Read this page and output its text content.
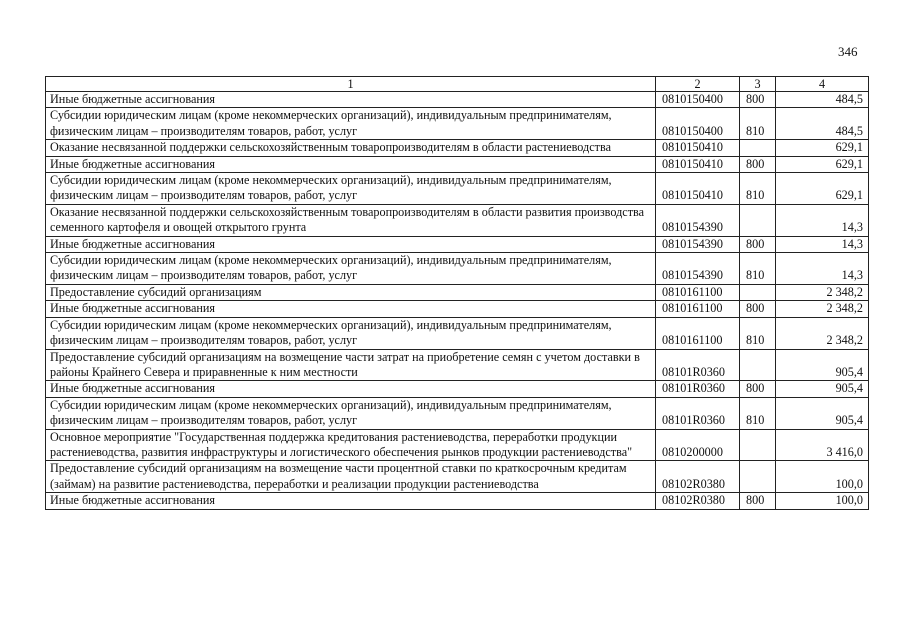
346
1	2	3	4
Иные бюджетные ассигнования	0810150400	800	484,5
Субсидии юридическим лицам (кроме некоммерческих организаций), индивидуальным предпринимателям, физическим лицам – производителям товаров, работ, услуг	0810150400	810	484,5
Оказание несвязанной поддержки сельскохозяйственным товаропроизводителям в области растениеводства	0810150410		629,1
Иные бюджетные ассигнования	0810150410	800	629,1
Субсидии юридическим лицам (кроме некоммерческих организаций), индивидуальным предпринимателям, физическим лицам – производителям товаров, работ, услуг	0810150410	810	629,1
Оказание несвязанной поддержки сельскохозяйственным товаропроизводителям в области развития производства семенного картофеля и овощей открытого грунта	0810154390		14,3
Иные бюджетные ассигнования	0810154390	800	14,3
Субсидии юридическим лицам (кроме некоммерческих организаций), индивидуальным предпринимателям, физическим лицам – производителям товаров, работ, услуг	0810154390	810	14,3
Предоставление субсидий организациям	0810161100		2 348,2
Иные бюджетные ассигнования	0810161100	800	2 348,2
Субсидии юридическим лицам (кроме некоммерческих организаций), индивидуальным предпринимателям, физическим лицам – производителям товаров, работ, услуг	0810161100	810	2 348,2
Предоставление субсидий организациям на возмещение части затрат на приобретение семян с учетом доставки в районы Крайнего Севера и приравненные к ним местности	08101R0360		905,4
Иные бюджетные ассигнования	08101R0360	800	905,4
Субсидии юридическим лицам (кроме некоммерческих организаций), индивидуальным предпринимателям, физическим лицам – производителям товаров, работ, услуг	08101R0360	810	905,4
Основное мероприятие "Государственная поддержка кредитования растениеводства, переработки продукции растениеводства, развития инфраструктуры и логистического обеспечения рынков продукции растениеводства"	0810200000		3 416,0
Предоставление субсидий организациям на возмещение части процентной ставки по краткосрочным кредитам (займам) на развитие растениеводства, переработки и реализации продукции растениеводства	08102R0380		100,0
Иные бюджетные ассигнования	08102R0380	800	100,0
